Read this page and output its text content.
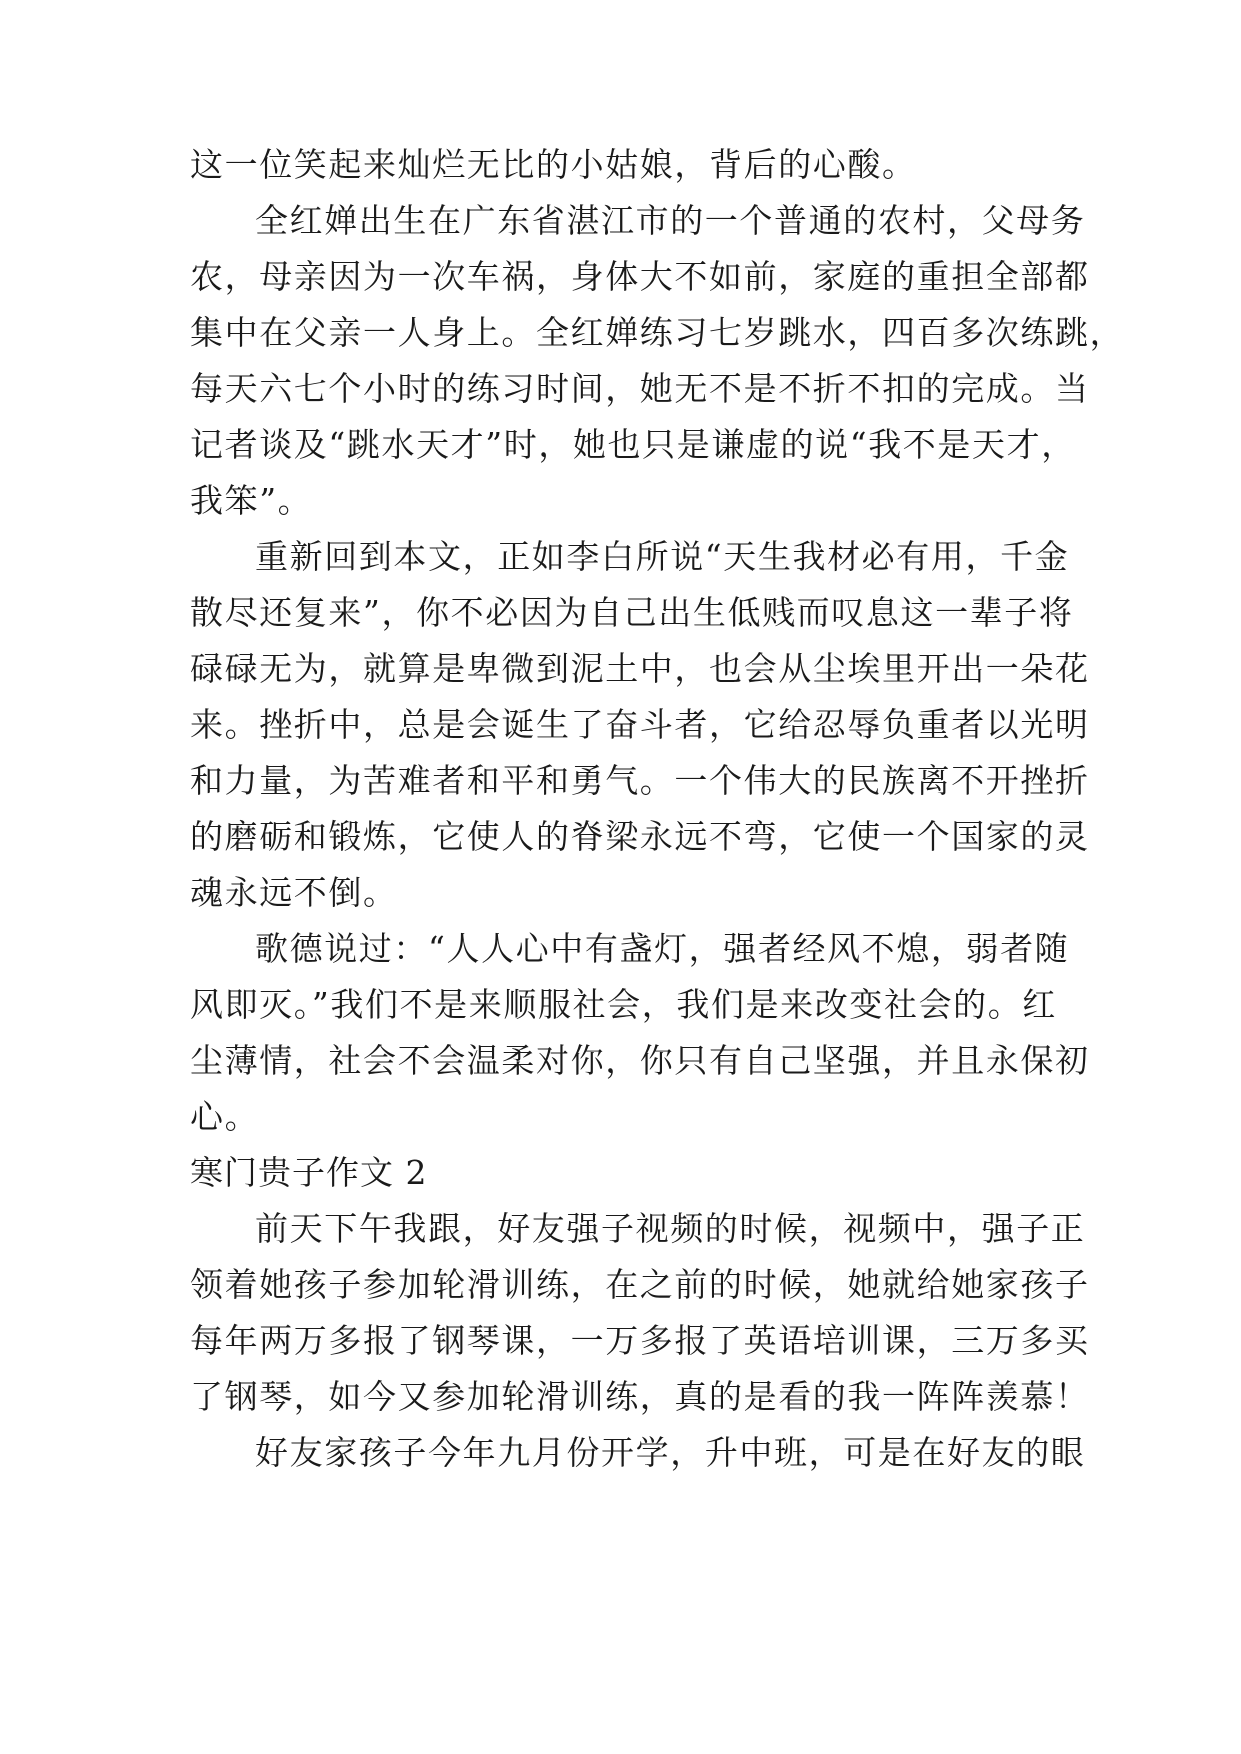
这一位笑起来灿烂无比的小姑娘，背后的心酸。
全红婵出生在广东省湛江市的一个普通的农村，父母务
农，母亲因为一次车祸，身体大不如前，家庭的重担全部都
集中在父亲一人身上。全红婵练习七岁跳水，四百多次练跳，
每天六七个小时的练习时间，她无不是不折不扣的完成。当
记者谈及“跳水天才”时，她也只是谦虚的说“我不是天才，
我笨”。
重新回到本文，正如李白所说“天生我材必有用，千金
散尽还复来”，你不必因为自己出生低贱而叹息这一辈子将
碌碌无为，就算是卑微到泥土中，也会从尘埃里开出一朵花
来。挫折中，总是会诞生了奋斗者，它给忍辱负重者以光明
和力量，为苦难者和平和勇气。一个伟大的民族离不开挫折
的磨砺和锻炼，它使人的脊梁永远不弯，它使一个国家的灵
魂永远不倒。
歌德说过：“人人心中有盏灯，强者经风不熄，弱者随
风即灭。”我们不是来顺服社会，我们是来改变社会的。红
尘薄情，社会不会温柔对你，你只有自己坚强，并且永保初
心。
寒门贵子作文 2
前天下午我跟，好友强子视频的时候，视频中，强子正
领着她孩子参加轮滑训练，在之前的时候，她就给她家孩子
每年两万多报了钢琴课，一万多报了英语培训课，三万多买
了钢琴，如今又参加轮滑训练，真的是看的我一阵阵羡慕！
好友家孩子今年九月份开学，升中班，可是在好友的眼
